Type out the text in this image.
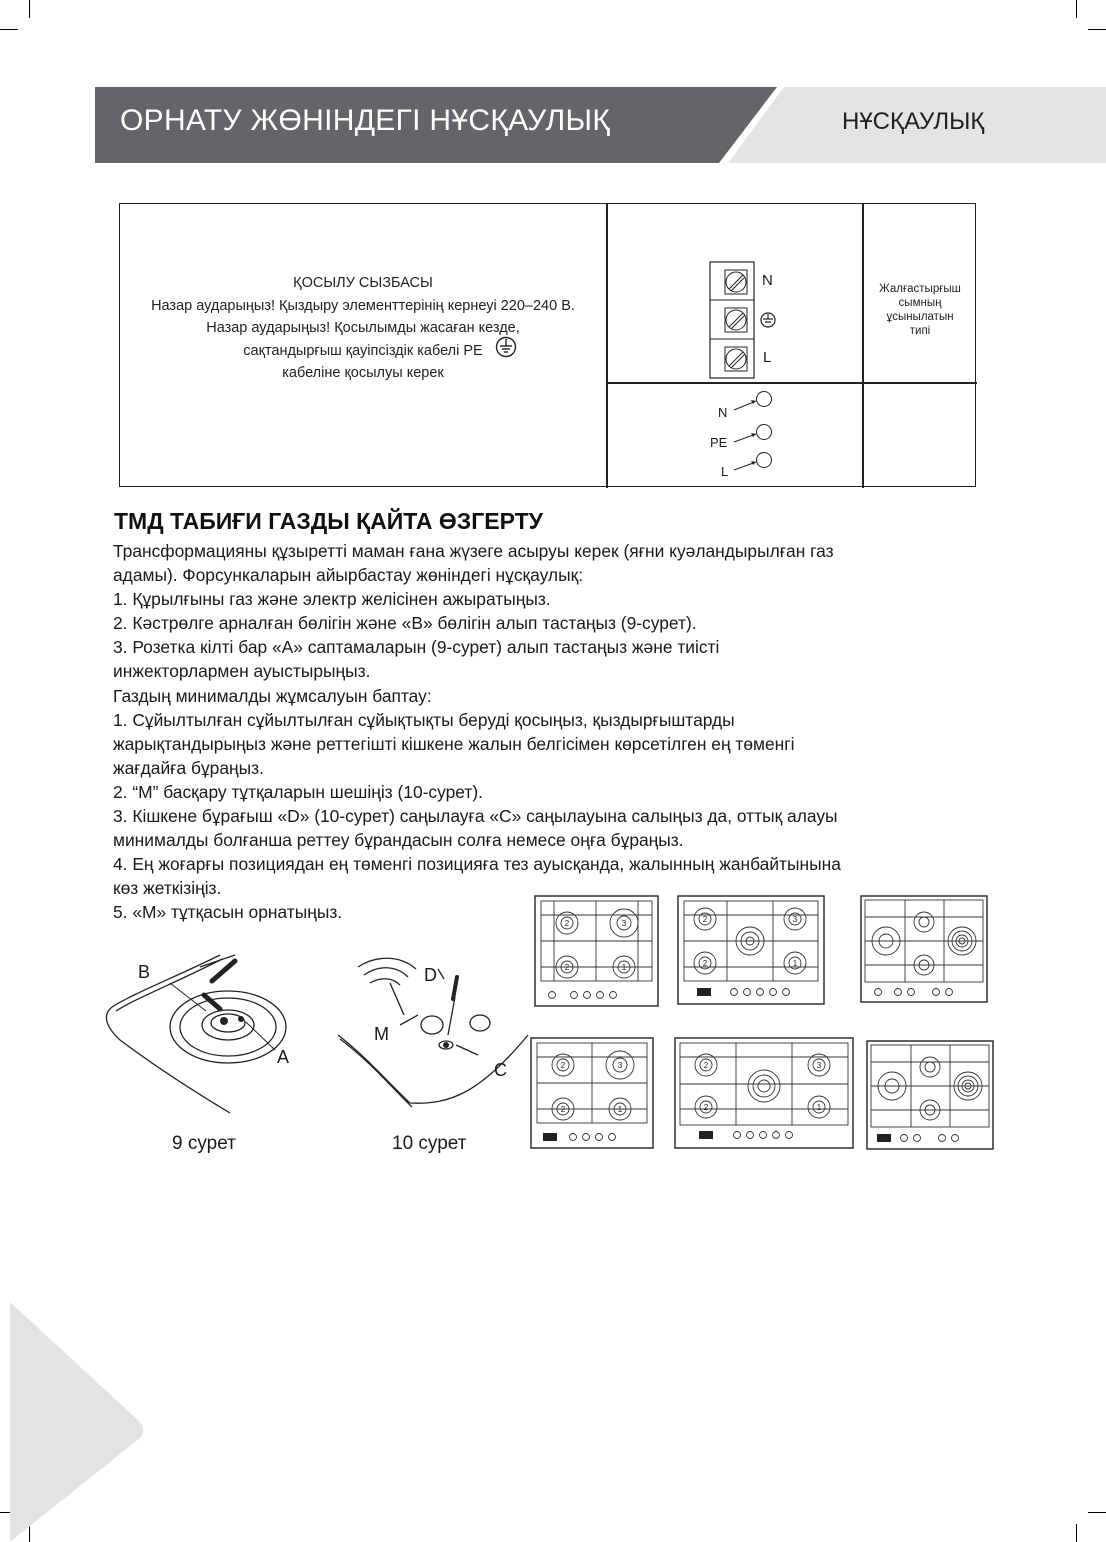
ОРНАТУ ЖӨНІНДЕГІ НҰСҚАУЛЫҚ	НҰСҚАУЛЫҚ
ҚОСЫЛУ СЫЗБАСЫ
Назар аударыңыз! Қыздыру элементтерінің кернеуі 220–240 В.
Назар аударыңыз! Қосылымды жасаған кезде,
сақтандырғыш қауіпсіздік кабелі PE
кабеліне қосылуы керек
N
L
Жалғастырғыш
сымның
ұсынылатын
типі
N
PE
L
ТМД ТАБИҒИ ГАЗДЫ ҚАЙТА ӨЗГЕРТУ
Трансформацияны құзыретті маман ғана жүзеге асыруы керек (яғни куәландырылған газ
адамы). Форсункаларын айырбастау жөніндегі нұсқаулық:
1. Құрылғыны газ және электр желісінен ажыратыңыз.
2. Кәстрөлге арналған бөлігін және «В» бөлігін алып тастаңыз (9-сурет).
3. Розетка кілті бар «А» саптамаларын (9-сурет) алып тастаңыз және тиісті
инжекторлармен ауыстырыңыз.
Газдың минималды жұмсалуын баптау:
1. Сұйылтылған сұйылтылған сұйықтықты беруді қосыңыз, қыздырғыштарды
жарықтандырыңыз және реттегішті кішкене жалын белгісімен көрсетілген ең төменгі
жағдайға бұраңыз.
2. “M” басқару тұтқаларын шешіңіз (10-сурет).
3. Кішкене бұрағыш «D» (10-сурет) саңылауға «С» саңылауына салыңыз да, оттық алауы
минималды болғанша реттеу бұрандасын солға немесе оңға бұраңыз.
4. Ең жоғарғы позициядан ең төменгі позицияға тез ауысқанда, жалынның жанбайтынына
көз жеткізіңіз.
5. «М» тұтқасын орнатыңыз.
B
A
9 сурет
D
M
C
10 сурет
2	3
2	1
2	3
2	1
2	3
2	1
2	3
2	1
